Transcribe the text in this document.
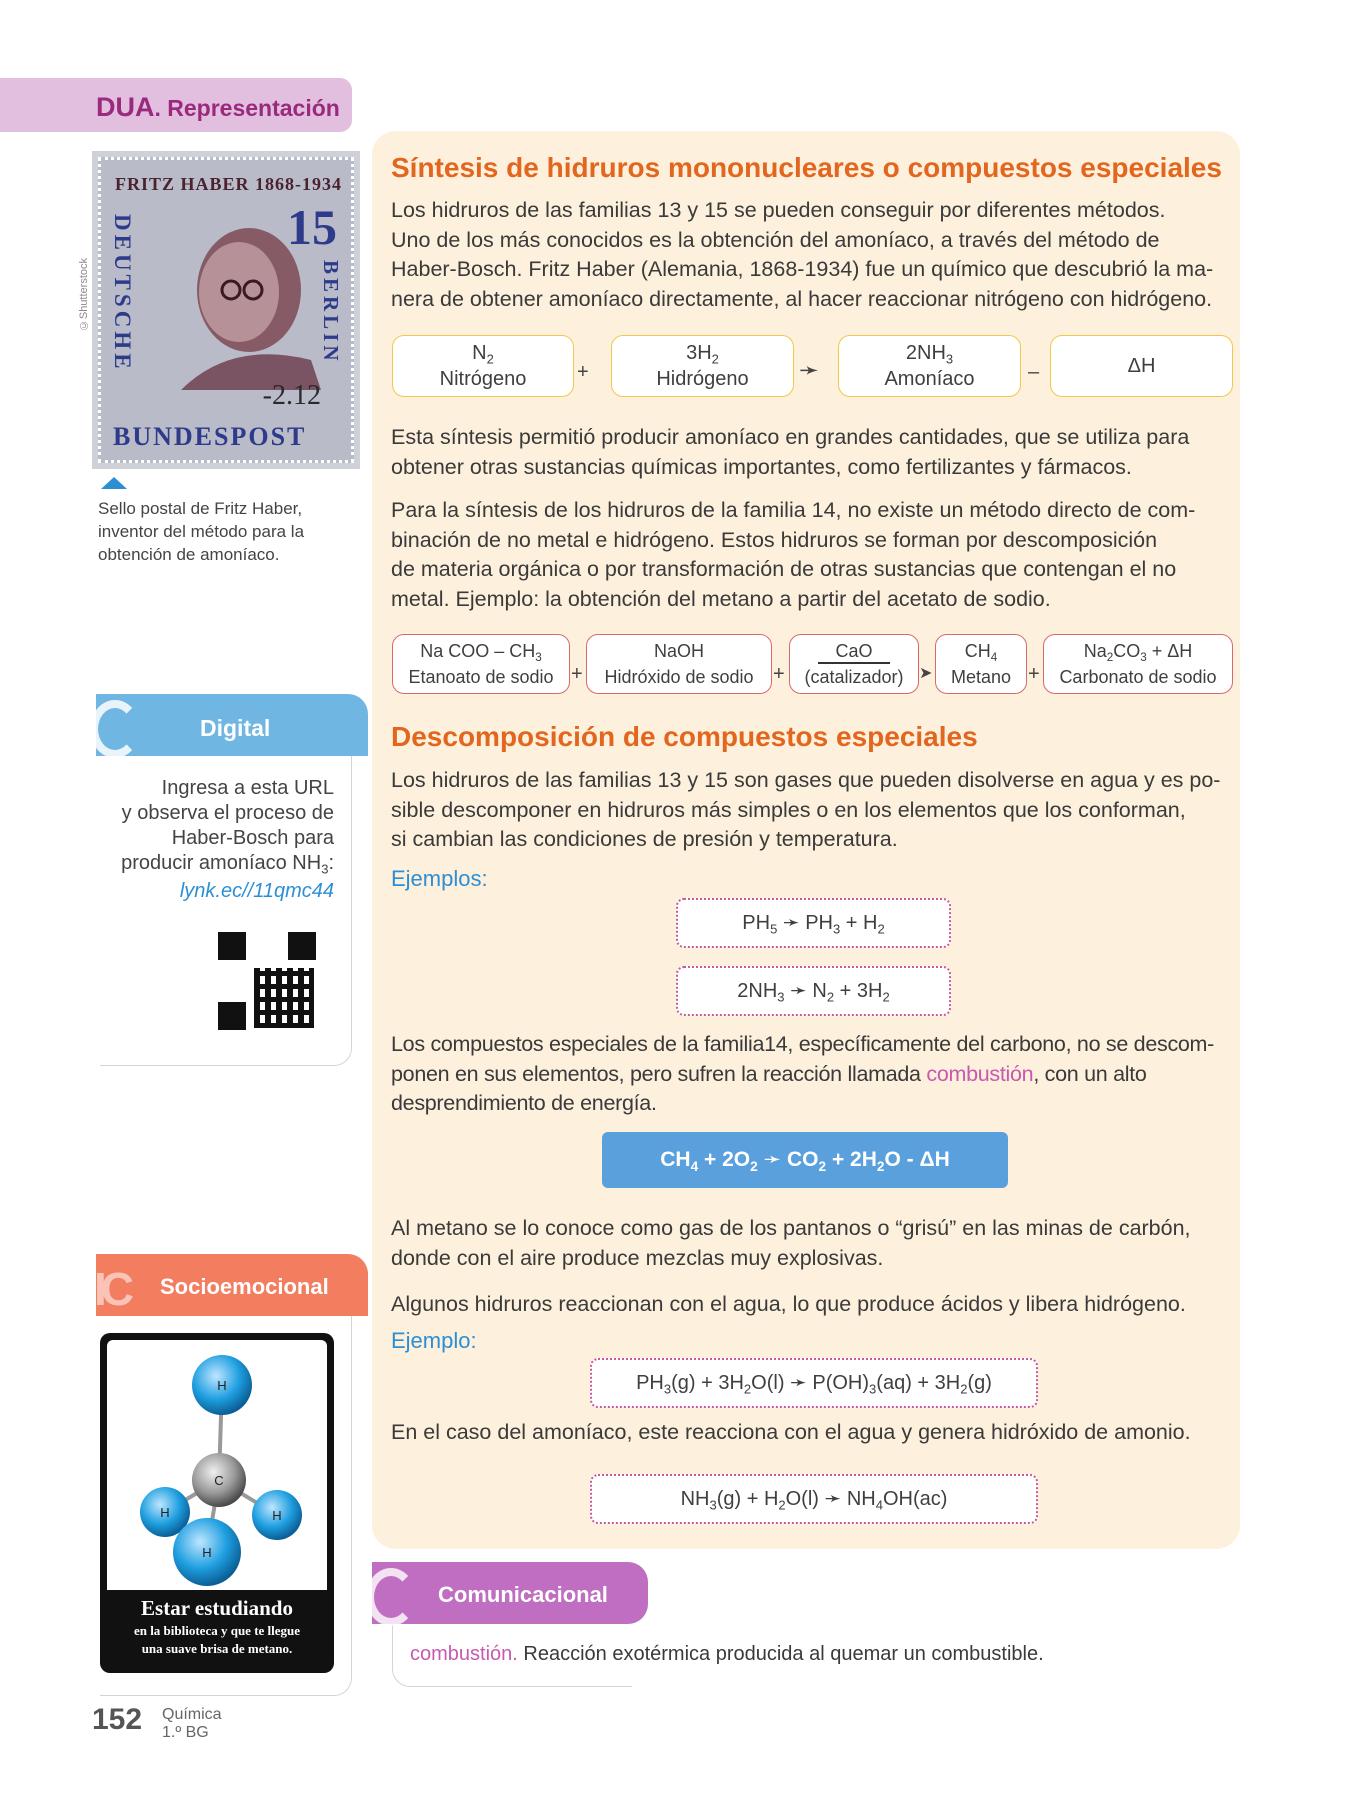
DUA. Representación
FRITZ HABER 1868-1934
15
DEUTSCHE	BERLIN
-2.12
BUNDESPOST
©Shutterstock
Sello postal de Fritz Haber, inventor del método para la obtención de amoníaco.
Digital
Ingresa a esta URL
y observa el proceso de
Haber-Bosch para
producir amoníaco $NH_3$:
lynk.ec//11qmc44
IC Socioemocional
H
C
H	H
H
Estar estudiando
en la biblioteca y que te llegue
una suave brisa de metano.
Síntesis de hidruros mononucleares o compuestos especiales
Los hidruros de las familias 13 y 15 se pueden conseguir por diferentes métodos.
Uno de los más conocidos es la obtención del amoníaco, a través del método de
Haber-Bosch. Fritz Haber (Alemania, 1868-1934) fue un químico que descubrió la ma-
nera de obtener amoníaco directamente, al hacer reaccionar nitrógeno con hidrógeno.
$N_2$
Nitrógeno	+
$3H_2$
Hidrógeno	➛
$2NH_3$
Amoníaco	–	ΔH
Esta síntesis permitió producir amoníaco en grandes cantidades, que se utiliza para
obtener otras sustancias químicas importantes, como fertilizantes y fármacos.
Para la síntesis de los hidruros de la familia 14, no existe un método directo de com-
binación de no metal e hidrógeno. Estos hidruros se forman por descomposición
de materia orgánica o por transformación de otras sustancias que contengan el no
metal. Ejemplo: la obtención del metano a partir del acetato de sodio.
Na COO – $CH_3$
Etanoato de sodio +
NaOH
Hidróxido de sodio +
CaO
(catalizador) ➤
$CH_4$
Metano +
$Na_2CO_3 + \Delta H$
Carbonato de sodio
Descomposición de compuestos especiales
Los hidruros de las familias 13 y 15 son gases que pueden disolverse en agua y es po-
sible descomponer en hidruros más simples o en los elementos que los conforman,
si cambian las condiciones de presión y temperatura.
Ejemplos:
$PH_5$ ➛ $PH_3 + H_2$
$2NH_3$ ➛ $N_2 + 3H_2$
Los compuestos especiales de la familia14, específicamente del carbono, no se descom-
ponen en sus elementos, pero sufren la reacción llamada combustión, con un alto
desprendimiento de energía.
$CH_4 + 2O_2$ ➛ $CO_2 + 2H_2O - \Delta H$
Al metano se lo conoce como gas de los pantanos o “grisú” en las minas de carbón,
donde con el aire produce mezclas muy explosivas.
Algunos hidruros reaccionan con el agua, lo que produce ácidos y libera hidrógeno.
Ejemplo:
$PH_3(g) + 3H_2O(l)$ ➛ $P(OH)_3(aq) + 3H_2(g)$
En el caso del amoníaco, este reacciona con el agua y genera hidróxido de amonio.
$NH_3(g) + H_2O(l)$ ➛ $NH_4OH(ac)$
Comunicacional
combustión. Reacción exotérmica producida al quemar un combustible.
152 Química
1.º BG
